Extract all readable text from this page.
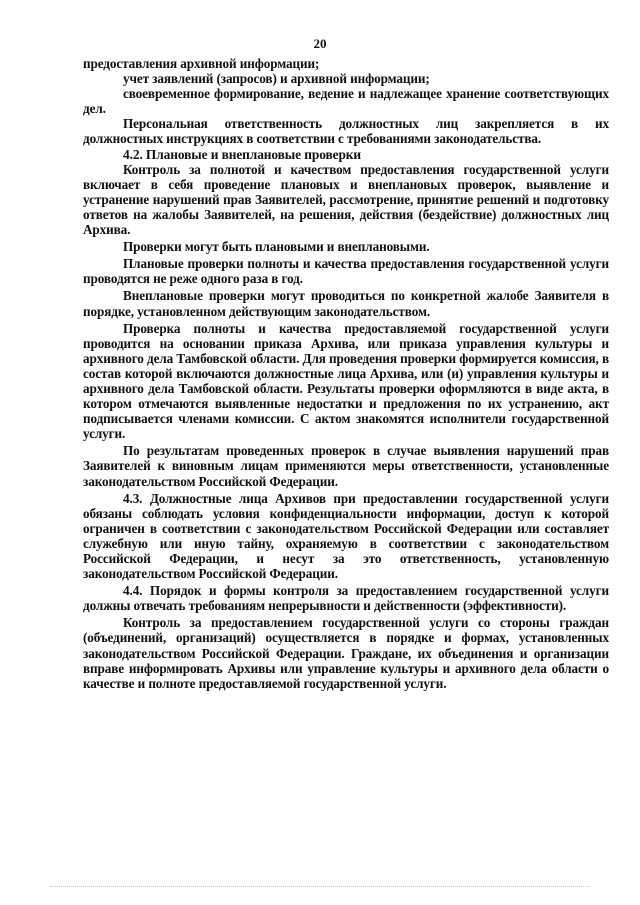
20

предоставления архивной информации;

учет заявлений (запросов) и архивной информации;

своевременное формирование, ведение и надлежащее хранение соответствующих дел.

Персональная ответственность должностных лиц закрепляется в их должностных инструкциях в соответствии с требованиями законодательства.

4.2. Плановые и внеплановые проверки

Контроль за полнотой и качеством предоставления государственной услуги включает в себя проведение плановых и внеплановых проверок, выявление и устранение нарушений прав Заявителей, рассмотрение, принятие решений и подготовку ответов на жалобы Заявителей, на решения, действия (бездействие) должностных лиц Архива.

Проверки могут быть плановыми и внеплановыми.

Плановые проверки полноты и качества предоставления государственной услуги проводятся не реже одного раза в год.

Внеплановые проверки могут проводиться по конкретной жалобе Заявителя в порядке, установленном действующим законодательством.

Проверка полноты и качества предоставляемой государственной услуги проводится на основании приказа Архива, или приказа управления культуры и архивного дела Тамбовской области. Для проведения проверки формируется комиссия, в состав которой включаются должностные лица Архива, или (и) управления культуры и архивного дела Тамбовской области. Результаты проверки оформляются в виде акта, в котором отмечаются выявленные недостатки и предложения по их устранению, акт подписывается членами комиссии. С актом знакомятся исполнители государственной услуги.

По результатам проведенных проверок в случае выявления нарушений прав Заявителей к виновным лицам применяются меры ответственности, установленные законодательством Российской Федерации.

4.3. Должностные лица Архивов при предоставлении государственной услуги обязаны соблюдать условия конфиденциальности информации, доступ к которой ограничен в соответствии с законодательством Российской Федерации или составляет служебную или иную тайну, охраняемую в соответствии с законодательством Российской Федерации, и несут за это ответственность, установленную законодательством Российской Федерации.

4.4. Порядок и формы контроля за предоставлением государственной услуги должны отвечать требованиям непрерывности и действенности (эффективности).

Контроль за предоставлением государственной услуги со стороны граждан (объединений, организаций) осуществляется в порядке и формах, установленных законодательством Российской Федерации. Граждане, их объединения и организации вправе информировать Архивы или управление культуры и архивного дела области о качестве и полноте предоставляемой государственной услуги.
